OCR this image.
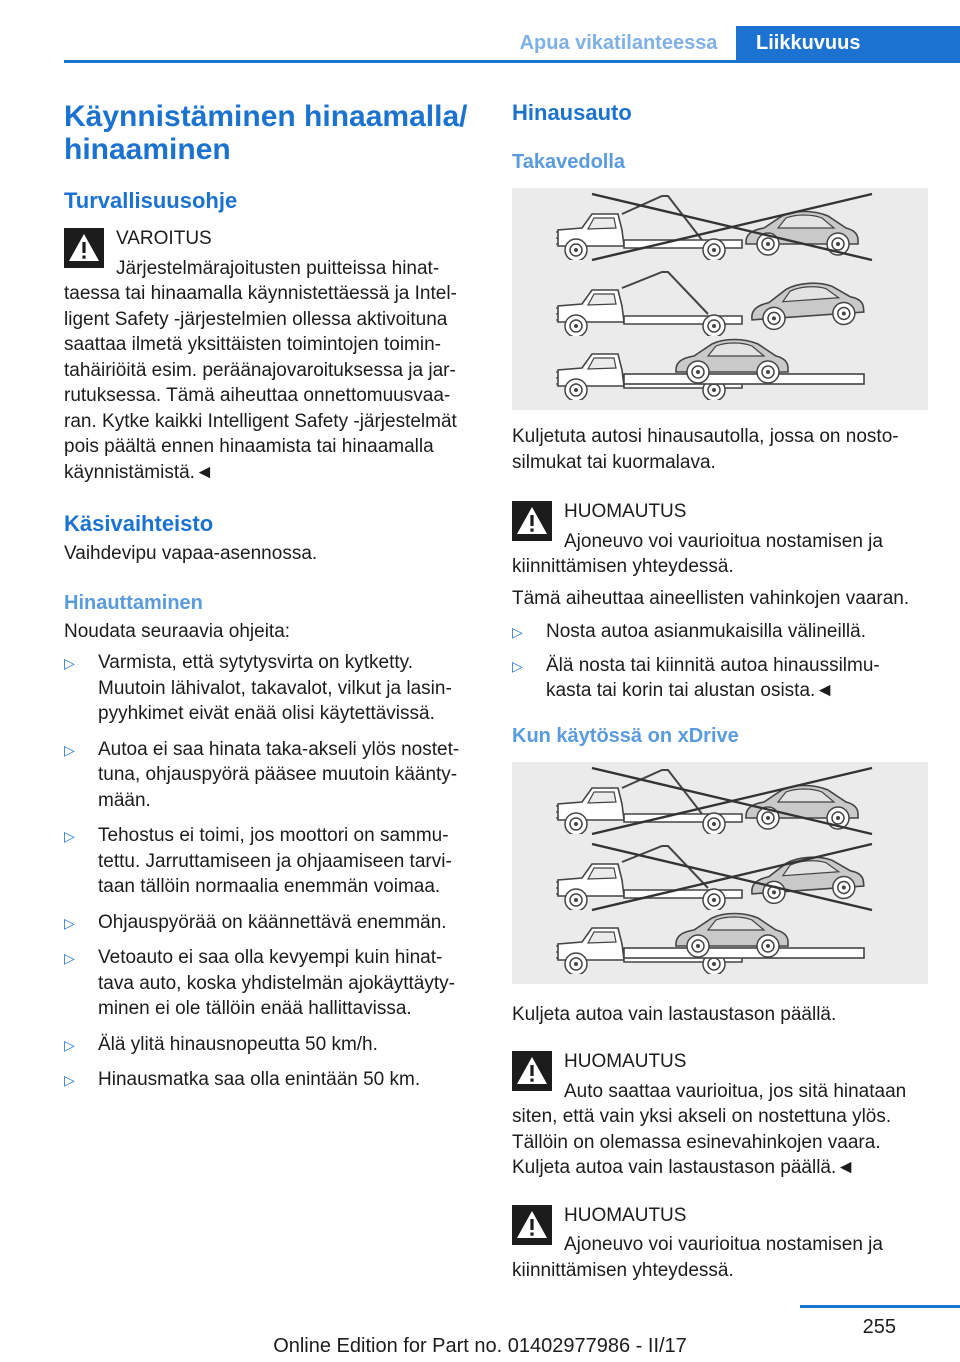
Apua vikatilanteessa	Liikkuvuus
Käynnistäminen hinaamalla/
hinaaminen
Turvallisuusohje
VAROITUS
Järjestelmärajoitusten puitteissa hinat-
taessa tai hinaamalla käynnistettäessä ja Intel-
ligent Safety -järjestelmien ollessa aktivoituna
saattaa ilmetä yksittäisten toimintojen toimin-
tahäiriöitä esim. peräänajovaroituksessa ja jar-
rutuksessa. Tämä aiheuttaa onnettomuusvaa-
ran. Kytke kaikki Intelligent Safety -järjestelmät
pois päältä ennen hinaamista tai hinaamalla
käynnistämistä.◄
Käsivaihteisto
Vaihdevipu vapaa-asennossa.
Hinauttaminen
Noudata seuraavia ohjeita:
▷ Varmista, että sytytysvirta on kytketty.
Muutoin lähivalot, takavalot, vilkut ja lasin-
pyyhkimet eivät enää olisi käytettävissä.
▷ Autoa ei saa hinata taka-akseli ylös nostet-
tuna, ohjauspyörä pääsee muutoin käänty-
mään.
▷ Tehostus ei toimi, jos moottori on sammu-
tettu. Jarruttamiseen ja ohjaamiseen tarvi-
taan tällöin normaalia enemmän voimaa.
▷ Ohjauspyörää on käännettävä enemmän.
▷ Vetoauto ei saa olla kevyempi kuin hinat-
tava auto, koska yhdistelmän ajokäyttäyty-
minen ei ole tällöin enää hallittavissa.
▷ Älä ylitä hinausnopeutta 50 km/h.
▷ Hinausmatka saa olla enintään 50 km.
Hinausauto
Takavedolla
Kuljetuta autosi hinausautolla, jossa on nosto-
silmukat tai kuormalava.
HUOMAUTUS
Ajoneuvo voi vaurioitua nostamisen ja
kiinnittämisen yhteydessä.
Tämä aiheuttaa aineellisten vahinkojen vaaran.
▷ Nosta autoa asianmukaisilla välineillä.
▷ Älä nosta tai kiinnitä autoa hinaussilmu-
kasta tai korin tai alustan osista.◄
Kun käytössä on xDrive
Kuljeta autoa vain lastaustason päällä.
HUOMAUTUS
Auto saattaa vaurioitua, jos sitä hinataan
siten, että vain yksi akseli on nostettuna ylös.
Tällöin on olemassa esinevahinkojen vaara.
Kuljeta autoa vain lastaustason päällä.◄
HUOMAUTUS
Ajoneuvo voi vaurioitua nostamisen ja
kiinnittämisen yhteydessä.
255
Online Edition for Part no. 01402977986 - II/17
